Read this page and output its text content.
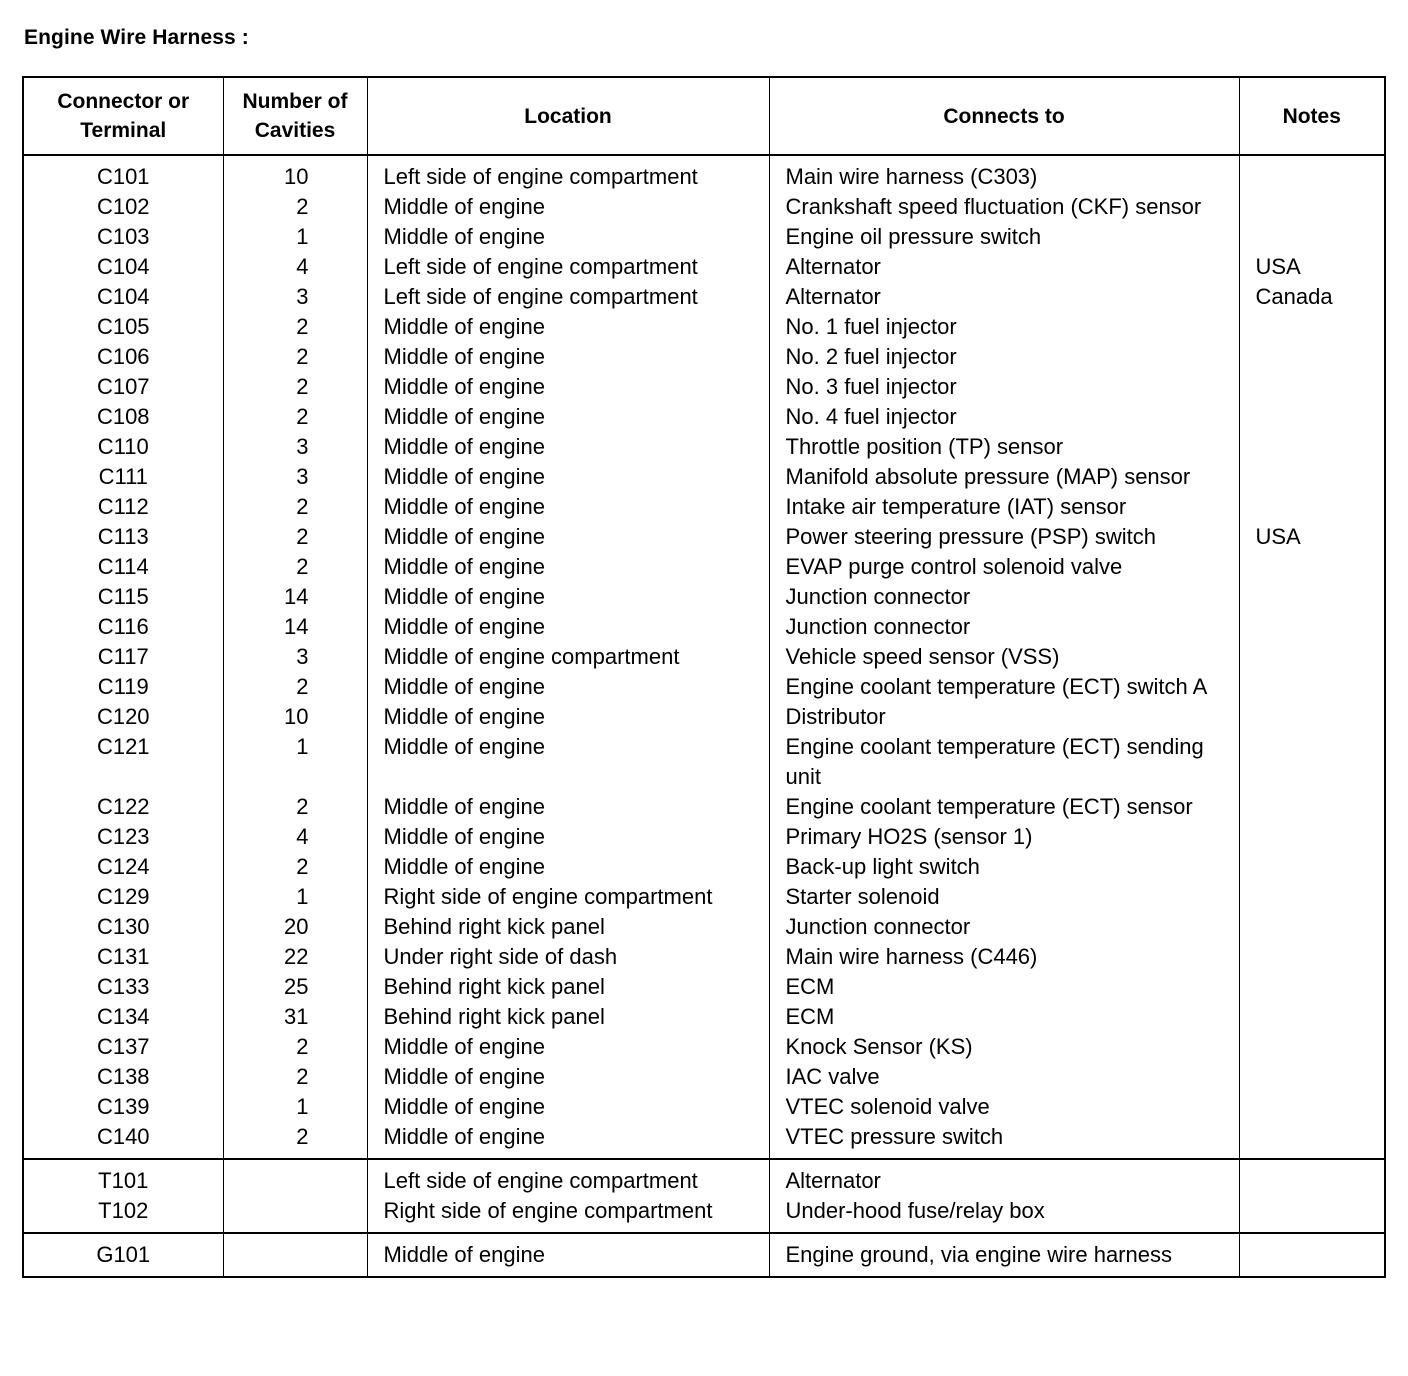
Engine Wire Harness :
Connector or Terminal	Number of Cavities	Location	Connects to	Notes
C101	10	Left side of engine compartment	Main wire harness (C303)	
C102	2	Middle of engine	Crankshaft speed fluctuation (CKF) sensor	
C103	1	Middle of engine	Engine oil pressure switch	
C104	4	Left side of engine compartment	Alternator	USA
C104	3	Left side of engine compartment	Alternator	Canada
C105	2	Middle of engine	No. 1 fuel injector	
C106	2	Middle of engine	No. 2 fuel injector	
C107	2	Middle of engine	No. 3 fuel injector	
C108	2	Middle of engine	No. 4 fuel injector	
C110	3	Middle of engine	Throttle position (TP) sensor	
C111	3	Middle of engine	Manifold absolute pressure (MAP) sensor	
C112	2	Middle of engine	Intake air temperature (IAT) sensor	
C113	2	Middle of engine	Power steering pressure (PSP) switch	USA
C114	2	Middle of engine	EVAP purge control solenoid valve	
C115	14	Middle of engine	Junction connector	
C116	14	Middle of engine	Junction connector	
C117	3	Middle of engine compartment	Vehicle speed sensor (VSS)	
C119	2	Middle of engine	Engine coolant temperature (ECT) switch A	
C120	10	Middle of engine	Distributor	
C121	1	Middle of engine	Engine coolant temperature (ECT) sending unit	
C122	2	Middle of engine	Engine coolant temperature (ECT) sensor	
C123	4	Middle of engine	Primary HO2S (sensor 1)	
C124	2	Middle of engine	Back-up light switch	
C129	1	Right side of engine compartment	Starter solenoid	
C130	20	Behind right kick panel	Junction connector	
C131	22	Under right side of dash	Main wire harness (C446)	
C133	25	Behind right kick panel	ECM	
C134	31	Behind right kick panel	ECM	
C137	2	Middle of engine	Knock Sensor (KS)	
C138	2	Middle of engine	IAC valve	
C139	1	Middle of engine	VTEC solenoid valve	
C140	2	Middle of engine	VTEC pressure switch	
T101		Left side of engine compartment	Alternator	
T102		Right side of engine compartment	Under-hood fuse/relay box	
G101		Middle of engine	Engine ground, via engine wire harness	
